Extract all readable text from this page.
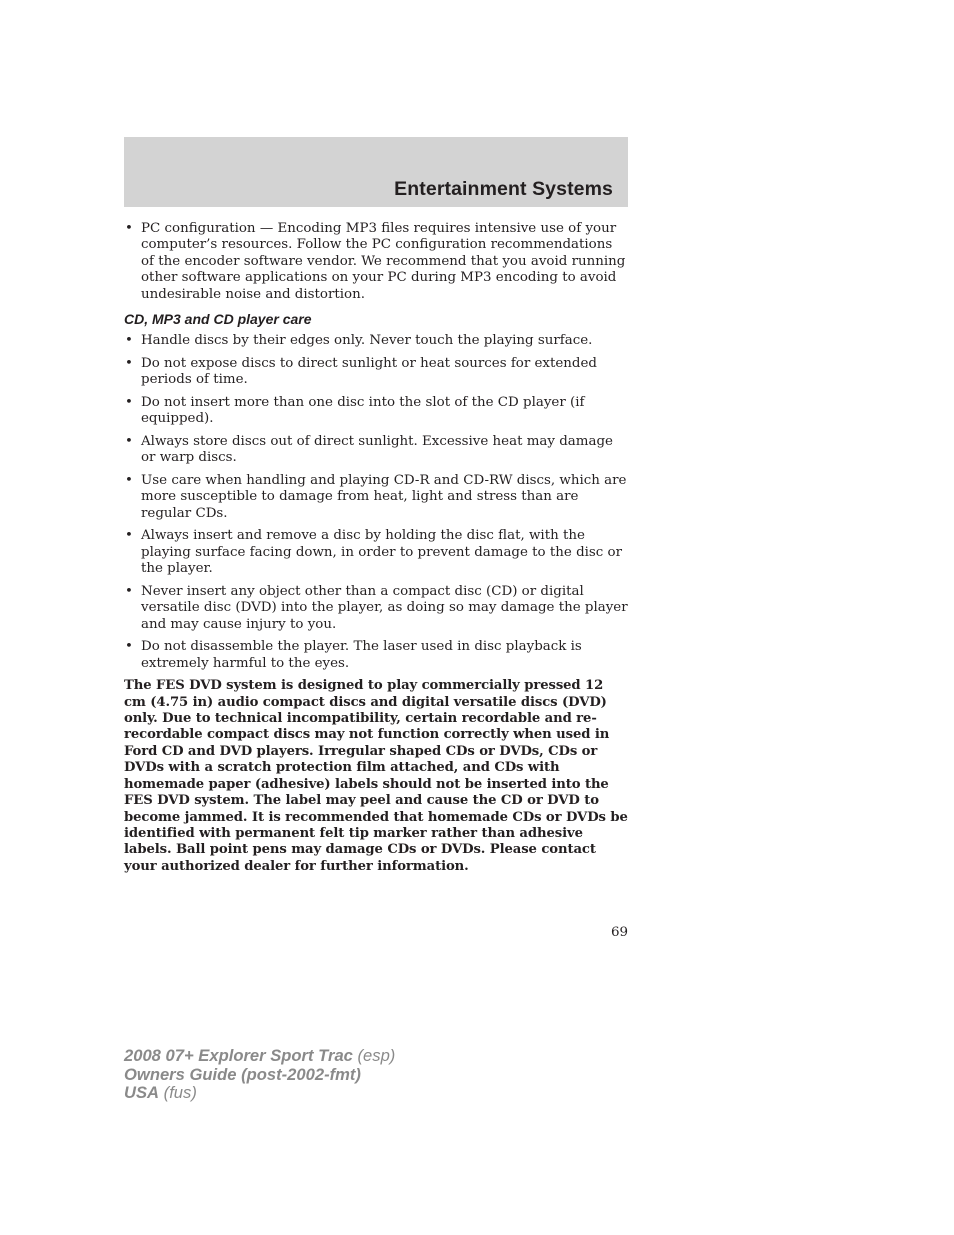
Entertainment Systems
• PC configuration — Encoding MP3 files requires intensive use of your computer’s resources. Follow the PC configuration recommendations of the encoder software vendor. We recommend that you avoid running other software applications on your PC during MP3 encoding to avoid undesirable noise and distortion.
CD, MP3 and CD player care
• Handle discs by their edges only. Never touch the playing surface.
• Do not expose discs to direct sunlight or heat sources for extended periods of time.
• Do not insert more than one disc into the slot of the CD player (if equipped).
• Always store discs out of direct sunlight. Excessive heat may damage or warp discs.
• Use care when handling and playing CD-R and CD-RW discs, which are more susceptible to damage from heat, light and stress than are regular CDs.
• Always insert and remove a disc by holding the disc flat, with the playing surface facing down, in order to prevent damage to the disc or the player.
• Never insert any object other than a compact disc (CD) or digital versatile disc (DVD) into the player, as doing so may damage the player and may cause injury to you.
• Do not disassemble the player. The laser used in disc playback is extremely harmful to the eyes.

The FES DVD system is designed to play commercially pressed 12 cm (4.75 in) audio compact discs and digital versatile discs (DVD) only. Due to technical incompatibility, certain recordable and re-recordable compact discs may not function correctly when used in Ford CD and DVD players. Irregular shaped CDs or DVDs, CDs or DVDs with a scratch protection film attached, and CDs with homemade paper (adhesive) labels should not be inserted into the FES DVD system. The label may peel and cause the CD or DVD to become jammed. It is recommended that homemade CDs or DVDs be identified with permanent felt tip marker rather than adhesive labels. Ball point pens may damage CDs or DVDs. Please contact your authorized dealer for further information.

69
2008 07+ Explorer Sport Trac (esp)
Owners Guide (post-2002-fmt)
USA (fus)
